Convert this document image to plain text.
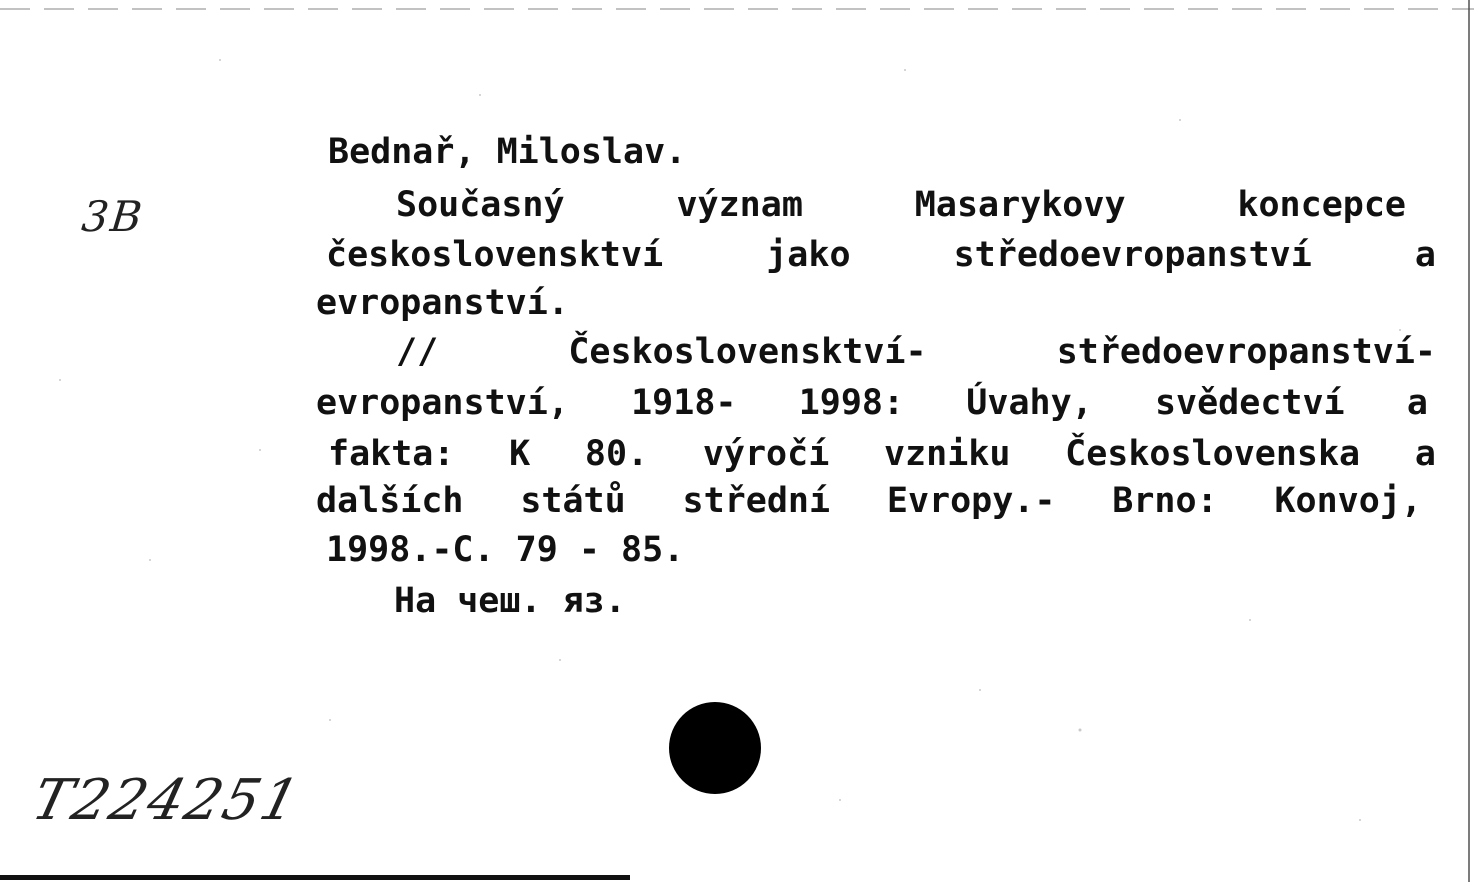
3B
Bednař, Miloslav.
Současný	význam	Masarykovy	koncepce
československtví	jako	středoevropanství	a
evropanství.
//	Československtví-	středoevropanství-
evropanství, 1918- 1998: Úvahy, svědectví a
fakta: K 80. výročí vzniku Československa a
dalších států střední Evropy.- Brno: Konvoj,
1998.-C. 79 - 85.
На чеш. яз.
T224251
